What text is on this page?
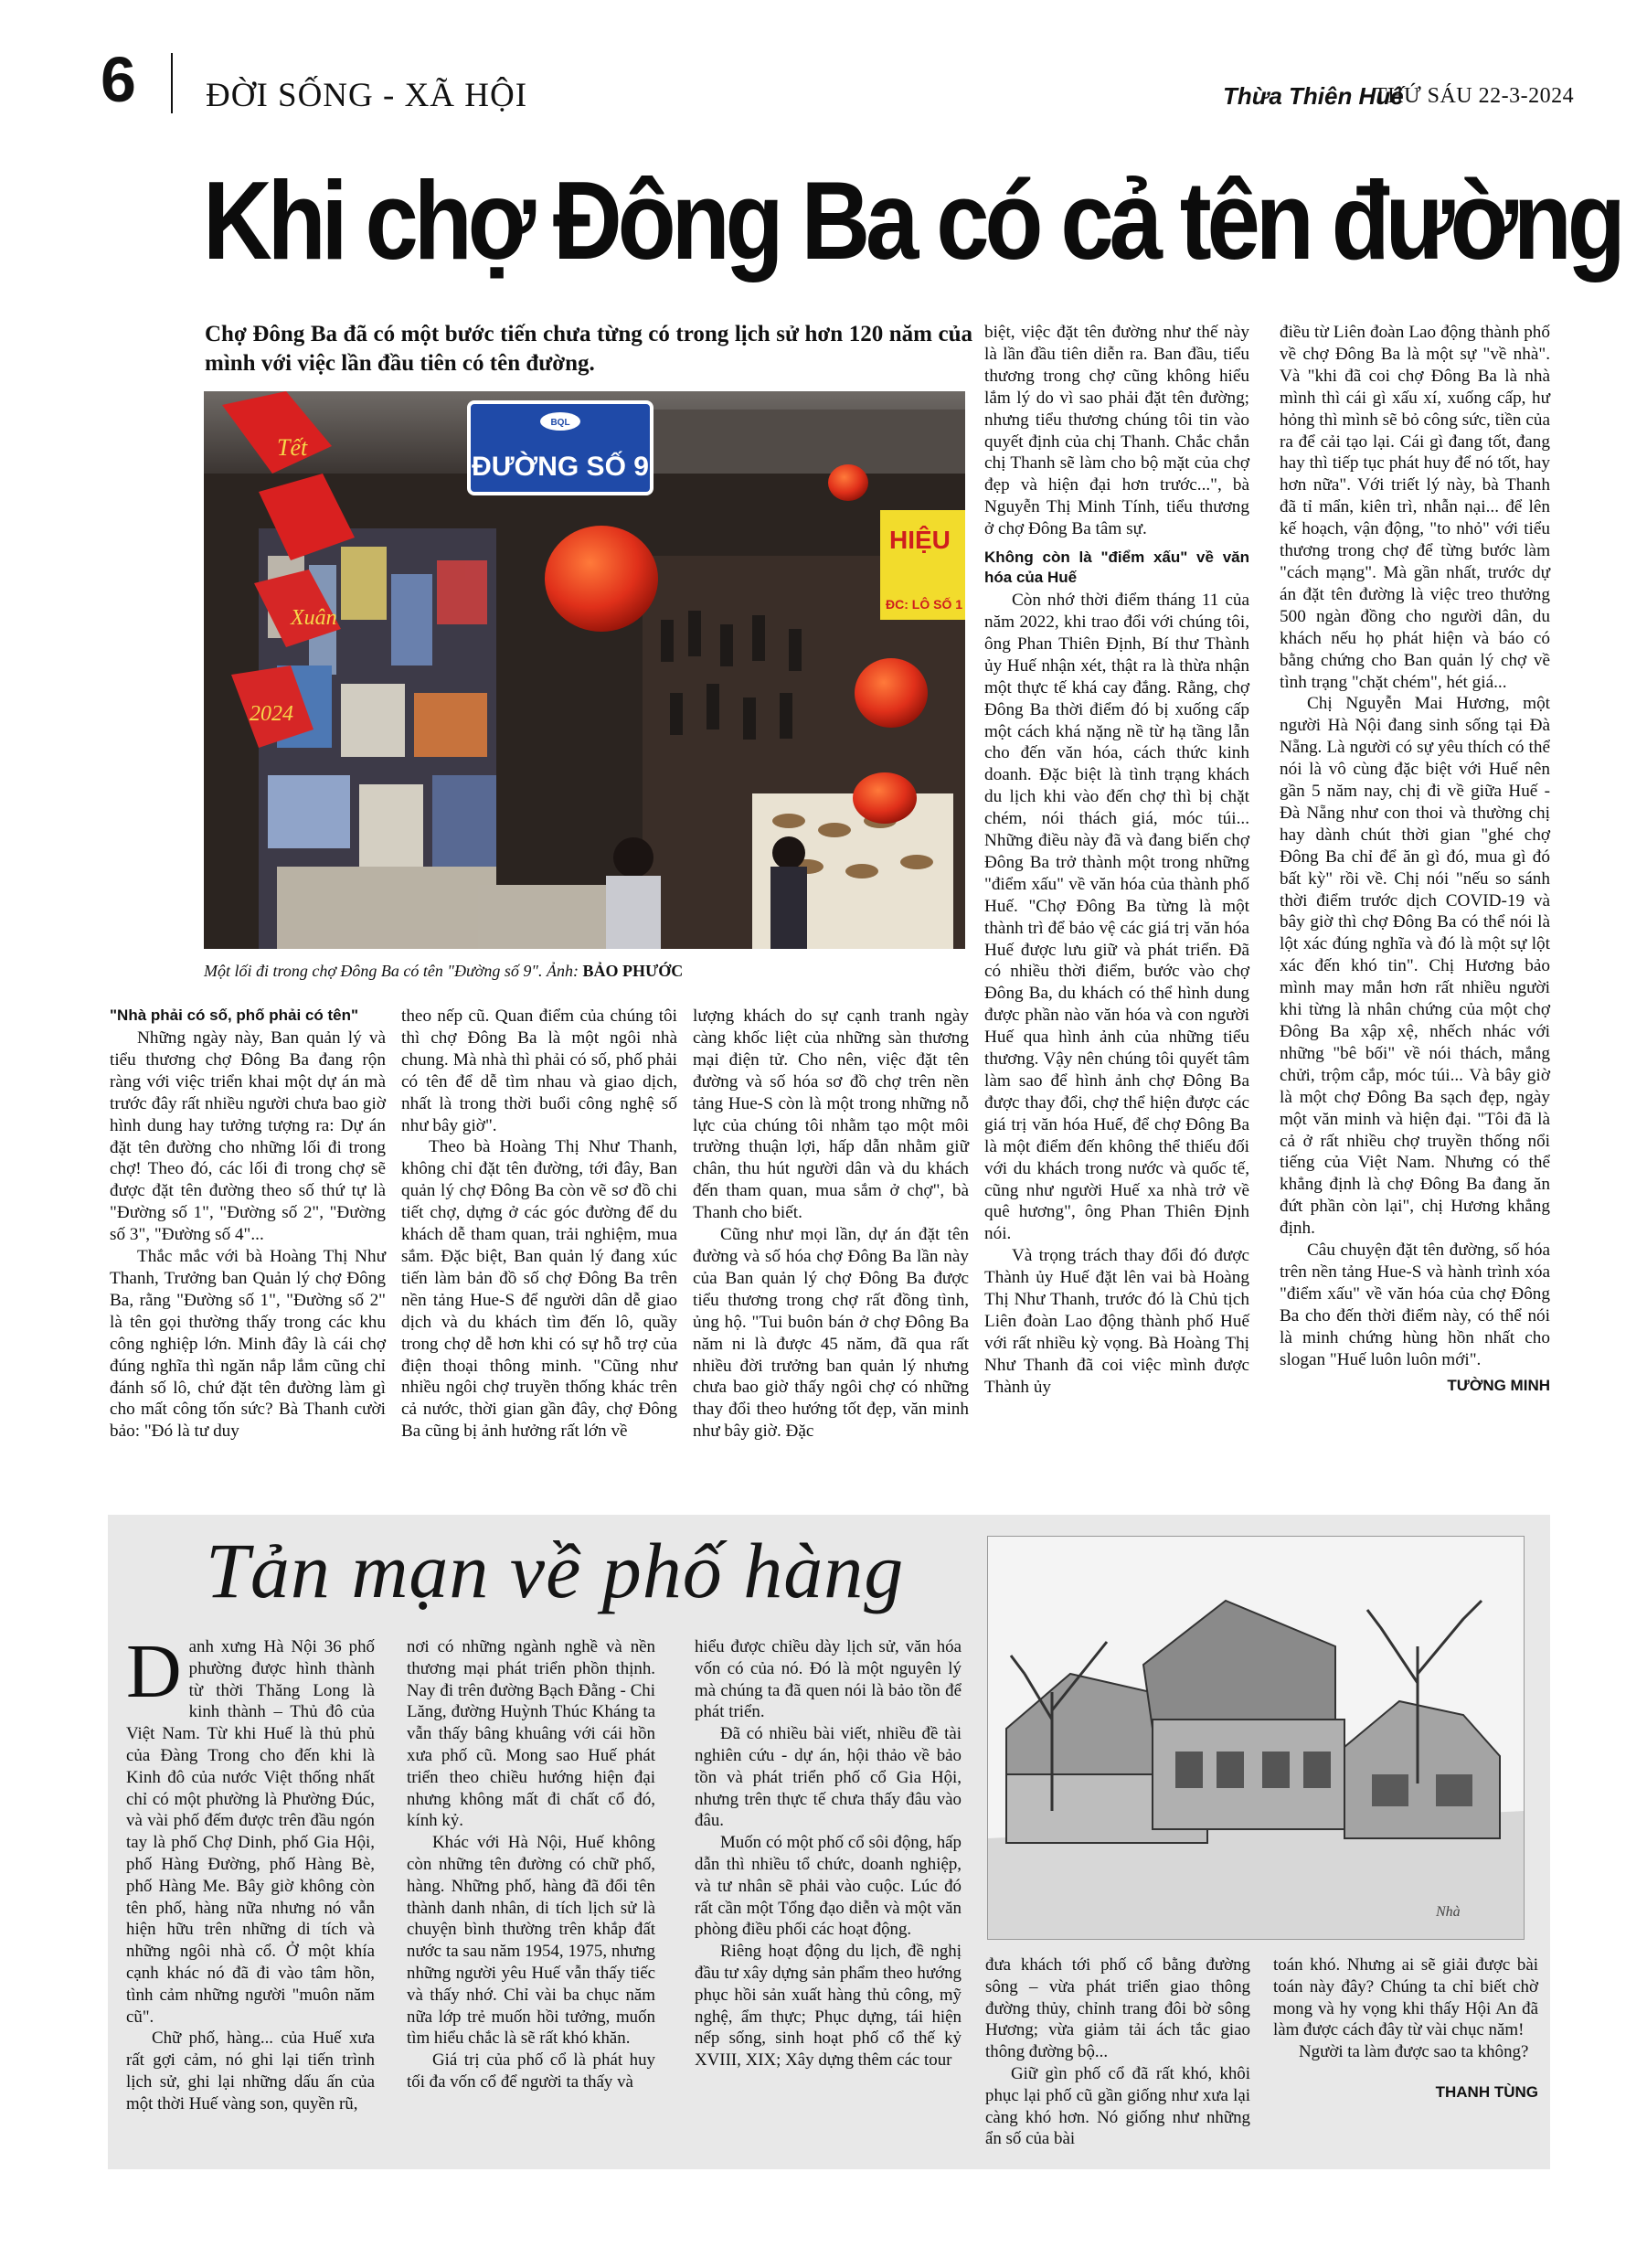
6 ĐỜI SỐNG - XÃ HỘI	Thừa Thiên Huế
THỨ SÁU 22-3-2024
Khi chợ Đông Ba có cả tên đường
Chợ Đông Ba đã có một bước tiến chưa từng có trong lịch sử hơn 120 năm của mình với việc lần đầu tiên có tên đường.
Tết
Xuân
2024
BQL
ĐƯỜNG SỐ 9
HIỆU
ĐC: LÔ SỐ 1
Một lối đi trong chợ Đông Ba có tên "Đường số 9". Ảnh: BẢO PHƯỚC
"Nhà phải có số, phố phải có tên"

Những ngày này, Ban quản lý và tiểu thương chợ Đông Ba đang rộn ràng với việc triển khai một dự án mà trước đây rất nhiều người chưa bao giờ hình dung hay tưởng tượng ra: Dự án đặt tên đường cho những lối đi trong chợ! Theo đó, các lối đi trong chợ sẽ được đặt tên đường theo số thứ tự là "Đường số 1", "Đường số 2", "Đường số 3", "Đường số 4"...

Thắc mắc với bà Hoàng Thị Như Thanh, Trưởng ban Quản lý chợ Đông Ba, rằng "Đường số 1", "Đường số 2" là tên gọi thường thấy trong các khu công nghiệp lớn. Minh đây là cái chợ đúng nghĩa thì ngăn nắp lắm cũng chỉ đánh số lô, chứ đặt tên đường làm gì cho mất công tốn sức? Bà Thanh cười bảo: "Đó là tư duy

theo nếp cũ. Quan điểm của chúng tôi thì chợ Đông Ba là một ngôi nhà chung. Mà nhà thì phải có số, phố phải có tên để dễ tìm nhau và giao dịch, nhất là trong thời buổi công nghệ số như bây giờ".

Theo bà Hoàng Thị Như Thanh, không chỉ đặt tên đường, tới đây, Ban quản lý chợ Đông Ba còn vẽ sơ đồ chi tiết chợ, dựng ở các góc đường để du khách dễ tham quan, trải nghiệm, mua sắm. Đặc biệt, Ban quản lý đang xúc tiến làm bản đồ số chợ Đông Ba trên nền tảng Hue-S để người dân dễ giao dịch và du khách tìm đến lô, quầy trong chợ dễ hơn khi có sự hỗ trợ của điện thoại thông minh. "Cũng như nhiều ngôi chợ truyền thống khác trên cả nước, thời gian gần đây, chợ Đông Ba cũng bị ảnh hưởng rất lớn về

lượng khách do sự cạnh tranh ngày càng khốc liệt của những sàn thương mại điện tử. Cho nên, việc đặt tên đường và số hóa sơ đồ chợ trên nền tảng Hue-S còn là một trong những nỗ lực của chúng tôi nhằm tạo một môi trường thuận lợi, hấp dẫn nhằm giữ chân, thu hút người dân và du khách đến tham quan, mua sắm ở chợ", bà Thanh cho biết.

Cũng như mọi lần, dự án đặt tên đường và số hóa chợ Đông Ba lần này của Ban quản lý chợ Đông Ba được tiểu thương trong chợ rất đồng tình, ủng hộ. "Tui buôn bán ở chợ Đông Ba năm ni là được 45 năm, đã qua rất nhiều đời trưởng ban quản lý nhưng chưa bao giờ thấy ngôi chợ có những thay đổi theo hướng tốt đẹp, văn minh như bây giờ. Đặc

biệt, việc đặt tên đường như thế này là lần đầu tiên diễn ra. Ban đầu, tiểu thương trong chợ cũng không hiểu lắm lý do vì sao phải đặt tên đường; nhưng tiểu thương chúng tôi tin vào quyết định của chị Thanh. Chắc chắn chị Thanh sẽ làm cho bộ mặt của chợ đẹp và hiện đại hơn trước...", bà Nguyễn Thị Minh Tính, tiểu thương ở chợ Đông Ba tâm sự.

Không còn là "điểm xấu" về văn hóa của Huế

Còn nhớ thời điểm tháng 11 của năm 2022, khi trao đổi với chúng tôi, ông Phan Thiên Định, Bí thư Thành ủy Huế nhận xét, thật ra là thừa nhận một thực tế khá cay đắng. Rằng, chợ Đông Ba thời điểm đó bị xuống cấp một cách khá nặng nề từ hạ tầng lẫn cho đến văn hóa, cách thức kinh doanh. Đặc biệt là tình trạng khách du lịch khi vào đến chợ thì bị chặt chém, nói thách giá, móc túi... Những điều này đã và đang biến chợ Đông Ba trở thành một trong những "điểm xấu" về văn hóa của thành phố Huế. "Chợ Đông Ba từng là một thành trì để bảo vệ các giá trị văn hóa Huế được lưu giữ và phát triển. Đã có nhiều thời điểm, bước vào chợ Đông Ba, du khách có thể hình dung được phần nào văn hóa và con người Huế qua hình ảnh của những tiểu thương. Vậy nên chúng tôi quyết tâm làm sao để hình ảnh chợ Đông Ba được thay đổi, chợ thể hiện được các giá trị văn hóa Huế, để chợ Đông Ba là một điểm đến không thể thiếu đối với du khách trong nước và quốc tế, cũng như người Huế xa nhà trở về quê hương", ông Phan Thiên Định nói.

Và trọng trách thay đổi đó được Thành ủy Huế đặt lên vai bà Hoàng Thị Như Thanh, trước đó là Chủ tịch Liên đoàn Lao động thành phố Huế với rất nhiều kỳ vọng. Bà Hoàng Thị Như Thanh đã coi việc mình được Thành ủy

điều từ Liên đoàn Lao động thành phố về chợ Đông Ba là một sự "về nhà". Và "khi đã coi chợ Đông Ba là nhà mình thì cái gì xấu xí, xuống cấp, hư hỏng thì mình sẽ bỏ công sức, tiền của ra để cải tạo lại. Cái gì đang tốt, đang hay thì tiếp tục phát huy để nó tốt, hay hơn nữa". Với triết lý này, bà Thanh đã tỉ mẩn, kiên trì, nhẫn nại... để lên kế hoạch, vận động, "to nhỏ" với tiểu thương trong chợ để từng bước làm "cách mạng". Mà gần nhất, trước dự án đặt tên đường là việc treo thưởng 500 ngàn đồng cho người dân, du khách nếu họ phát hiện và báo có bằng chứng cho Ban quản lý chợ về tình trạng "chặt chém", hét giá...

Chị Nguyễn Mai Hương, một người Hà Nội đang sinh sống tại Đà Nẵng. Là người có sự yêu thích có thể nói là vô cùng đặc biệt với Huế nên gần 5 năm nay, chị đi về giữa Huế - Đà Nẵng như con thoi và thường chị hay dành chút thời gian "ghé chợ Đông Ba chỉ để ăn gì đó, mua gì đó bất kỳ" rồi về. Chị nói "nếu so sánh thời điểm trước dịch COVID-19 và bây giờ thì chợ Đông Ba có thể nói là lột xác đúng nghĩa và đó là một sự lột xác đến khó tin". Chị Hương bảo mình may mắn hơn rất nhiều người khi từng là nhân chứng của một chợ Đông Ba xập xệ, nhếch nhác với những "bê bối" về nói thách, mắng chửi, trộm cắp, móc túi... Và bây giờ là một chợ Đông Ba sạch đẹp, ngày một văn minh và hiện đại. "Tôi đã là cả ở rất nhiều chợ truyền thống nổi tiếng của Việt Nam. Nhưng có thể khẳng định là chợ Đông Ba đang ăn đứt phần còn lại", chị Hương khẳng định.

Câu chuyện đặt tên đường, số hóa trên nền tảng Hue-S và hành trình xóa "điểm xấu" về văn hóa của chợ Đông Ba cho đến thời điểm này, có thể nói là minh chứng hùng hồn nhất cho slogan "Huế luôn luôn mới".

TƯỜNG MINH
Tản mạn về phố hàng
Nhà

Danh xưng Hà Nội 36 phố phường được hình thành từ thời Thăng Long là kinh thành – Thủ đô của Việt Nam. Từ khi Huế là thủ phủ của Đàng Trong cho đến khi là Kinh đô của nước Việt thống nhất chỉ có một phường là Phường Đúc, và vài phố đếm được trên đầu ngón tay là phố Chợ Dinh, phố Gia Hội, phố Hàng Đường, phố Hàng Bè, phố Hàng Me. Bây giờ không còn tên phố, hàng nữa nhưng nó vẫn hiện hữu trên những di tích và những ngôi nhà cổ. Ở một khía cạnh khác nó đã đi vào tâm hồn, tình cảm những người "muôn năm cũ".

Chữ phố, hàng... của Huế xưa rất gợi cảm, nó ghi lại tiến trình lịch sử, ghi lại những dấu ấn của một thời Huế vàng son, quyền rũ,

nơi có những ngành nghề và nền thương mại phát triển phồn thịnh. Nay đi trên đường Bạch Đằng - Chi Lăng, đường Huỳnh Thúc Kháng ta vẫn thấy bâng khuâng với cái hồn xưa phố cũ. Mong sao Huế phát triển theo chiều hướng hiện đại nhưng không mất đi chất cổ đó, kính kỷ.

Khác với Hà Nội, Huế không còn những tên đường có chữ phố, hàng. Những phố, hàng đã đổi tên thành danh nhân, di tích lịch sử là chuyện bình thường trên khắp đất nước ta sau năm 1954, 1975, nhưng những người yêu Huế vẫn thấy tiếc và thấy nhớ. Chỉ vài ba chục năm nữa lớp trẻ muốn hồi tưởng, muốn tìm hiểu chắc là sẽ rất khó khăn.

Giá trị của phố cổ là phát huy tối đa vốn cổ để người ta thấy và

hiểu được chiều dày lịch sử, văn hóa vốn có của nó. Đó là một nguyên lý mà chúng ta đã quen nói là bảo tồn để phát triển.

Đã có nhiều bài viết, nhiều đề tài nghiên cứu - dự án, hội thảo về bảo tồn và phát triển phố cổ Gia Hội, nhưng trên thực tế chưa thấy đâu vào đâu.

Muốn có một phố cổ sôi động, hấp dẫn thì nhiều tổ chức, doanh nghiệp, và tư nhân sẽ phải vào cuộc. Lúc đó rất cần một Tổng đạo diễn và một văn phòng điều phối các hoạt động.

Riêng hoạt động du lịch, đề nghị đầu tư xây dựng sản phẩm theo hướng phục hồi sản xuất hàng thủ công, mỹ nghệ, ẩm thực; Phục dựng, tái hiện nếp sống, sinh hoạt phố cổ thế kỷ XVIII, XIX; Xây dựng thêm các tour

đưa khách tới phố cổ bằng đường sông – vừa phát triển giao thông đường thủy, chỉnh trang đôi bờ sông Hương; vừa giảm tải ách tắc giao thông đường bộ...

Giữ gìn phố cổ đã rất khó, khôi phục lại phố cũ gần giống như xưa lại càng khó hơn. Nó giống như những ẩn số của bài

toán khó. Nhưng ai sẽ giải được bài toán này đây? Chúng ta chỉ biết chờ mong và hy vọng khi thấy Hội An đã làm được cách đây từ vài chục năm!

Người ta làm được sao ta không?

THANH TÙNG
